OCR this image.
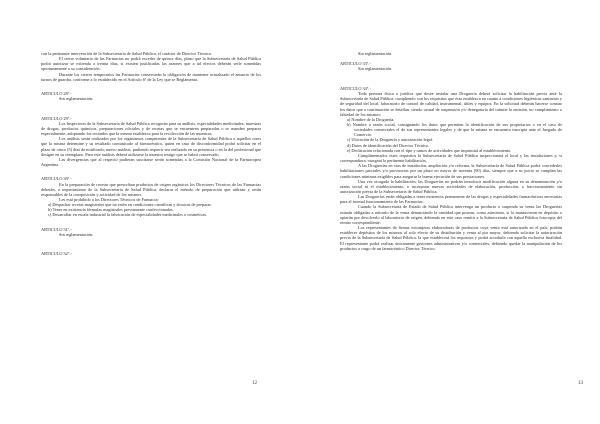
con la pertinente intervención de la Subsecretaría de Salud Pública, el carácter de Director Técnico.

El cierre voluntario de las Farmacias no podrá exceder de quince días, plazo que la Subsecretaría de Salud Pública podrá autorizar se extienda a treinta días, si existen justificadas las razones que a tal efectos deberán serle sometidas oportunamente a su consideración.

Durante los cierres temporarios las Farmacias conservarán la obligación de mantener actualizado el anuncio de los turnos de guardia, conforme a lo establecido en el Artículo 6º de la Ley que se Reglamenta.

ARTICULO 28º.-

Sin reglamentación.

ARTICULO 29º.-

Los Inspectores de la Subsecretaría de Salud Pública recogerán para su análisis, especialidades medicinales, muestras de drogas, productos químicos, preparaciones oficiales y de recetas que se encuentren preparadas o se manden preparar especialmente, adoptando los recaudos que la misma establezca para la recolección de las muestras.

Los análisis serán realizados por los organismos competentes de la Subsecretaría de Salud Pública o aquellos otros que la misma determine y su resultado comunicado al farmacéutico, quien en caso de disconformidad podrá solicitar en el plazo de cinco (5) días de notificado; nuevo análisis, pudiendo requerir sea realizado en su presencia o en la del profesional que designe en su reemplazo. Para este análisis deberá utilizarse la muestra testigo que se habrá conservado.

Las divergencias que al respecto pudieran suscitarse serán sometidas a la Comisión Nacional de la Farmacopea Argentina.

ARTICULO 30º.-

En la preparación de recetas que prescriban productos de origen orgánicos los Directores Técnicos de las Farmacias deberán, a requerimiento de la Subsecretaría de Salud Pública, declarar el método de preparación que utilizan y serán responsables de la composición y actividad de los mismos.

Les está prohibido a los Directores Técnicos de Farmacia:

a) Despachar recetas magistrales que no estén en condiciones científicas y técnicas de preparar.

b) Tener en existencia fórmulas magistrales previamente confeccionadas.

c) Desarrollar en escala industrial la fabricación de especialidades medicinales o cosméticas.

ARTICULO 31º.-

Sin reglamentación.

ARTICULO 32º.-

12

Sin reglamentación.

ARTICULO 33º.-

Sin reglamentación.

ARTICULO 34º.-

Toda persona física o jurídica que desee instalar una Droguería deberá solicitar la habilitación previa ante la Subsecretaría de Salud Pública, cumpliendo con los requisitos que ésta establezca en cuanto a condiciones higiénicas sanitarias y de seguridad del local, laboratorio de control de calidad, instrumental, útiles y equipos. En la solicitud deberán hacerse constar los datos que a continuación se detallan, siendo causal de suspensión y/o denegatoria del trámite la omisión, no cumplimiento o falsedad de los mismos:

a) Nombre de la Droguería.

b) Nombre o razón social, consignando los datos que permiten la identificación de sus propietarios o en el caso de sociedades comerciales el de sus representantes legales y de que la misma se encuentra inscripta ante el Juzgado de Comercio.

c) Ubicación de la Droguería y autorización legal.

d) Datos de identificación del Director Técnico.

e) Declaración relacionada con el tipo y ramos de actividades que imprimirá al establecimiento.

Cumplimentados estos requisitos la Subsecretaría de Salud Pública inspeccionará el local y las instalaciones y, si correspondiera, otorgará la pertinente habilitación.

A las Droguerías en vías de instalación, ampliación y/o reforma, la Subsecretaría de Salud Pública podrá concederles habilitaciones parciales y/o provisorias por un plazo no mayor de noventa (90) días, siempre que a su juicio se cumplan las condiciones mínimas exigibles para asegurar la buena ejecución de sus prestaciones.

Una vez otorgada la habilitación, las Droguerías no podrán introducir modificación alguna en su denominación y/o razón social ni el establecimiento, o incorporar nuevas actividades de elaboración, producción, o fraccionamiento sin autorización previa de la Subsecretaría de Salud Pública.

Las Droguerías están obligadas a tener existencia permanente de las drogas y especialidades farmacéuticas necesarias para el normal funcionamiento de las Farmacias.

Cuando la Subsecretaría de Estado de Salud Pública intervenga un producto o suspenda su venta las Droguerías estarán obligadas a retirarlo de la venta denunciando la cantidad que posean, como asimismo, si lo mantuvieran en depósito o optarán por devolverlo al laboratorio de origen, debiendo en este caso remitir a la Subsecretaría de Salud Pública fotocopia del remito correspondiente.

Los representantes de firmas extranjeras elaboradoras de productos cuya venta está autorizada en el país, podrán establecer depósitos de los mismos al solo efecto de su distribución y venta al por mayor, debiendo solicitar la autorización previa de la Subsecretaría de Salud Pública, la que establecerá los requisitos y podrá acordarla con aquella exclusiva finalidad. El representante podrá realizar únicamente gestiones administrativas y/o comerciales, debiendo quedar la manipulación de los productos a cargo de un farmacéutico Director Técnico.

13
